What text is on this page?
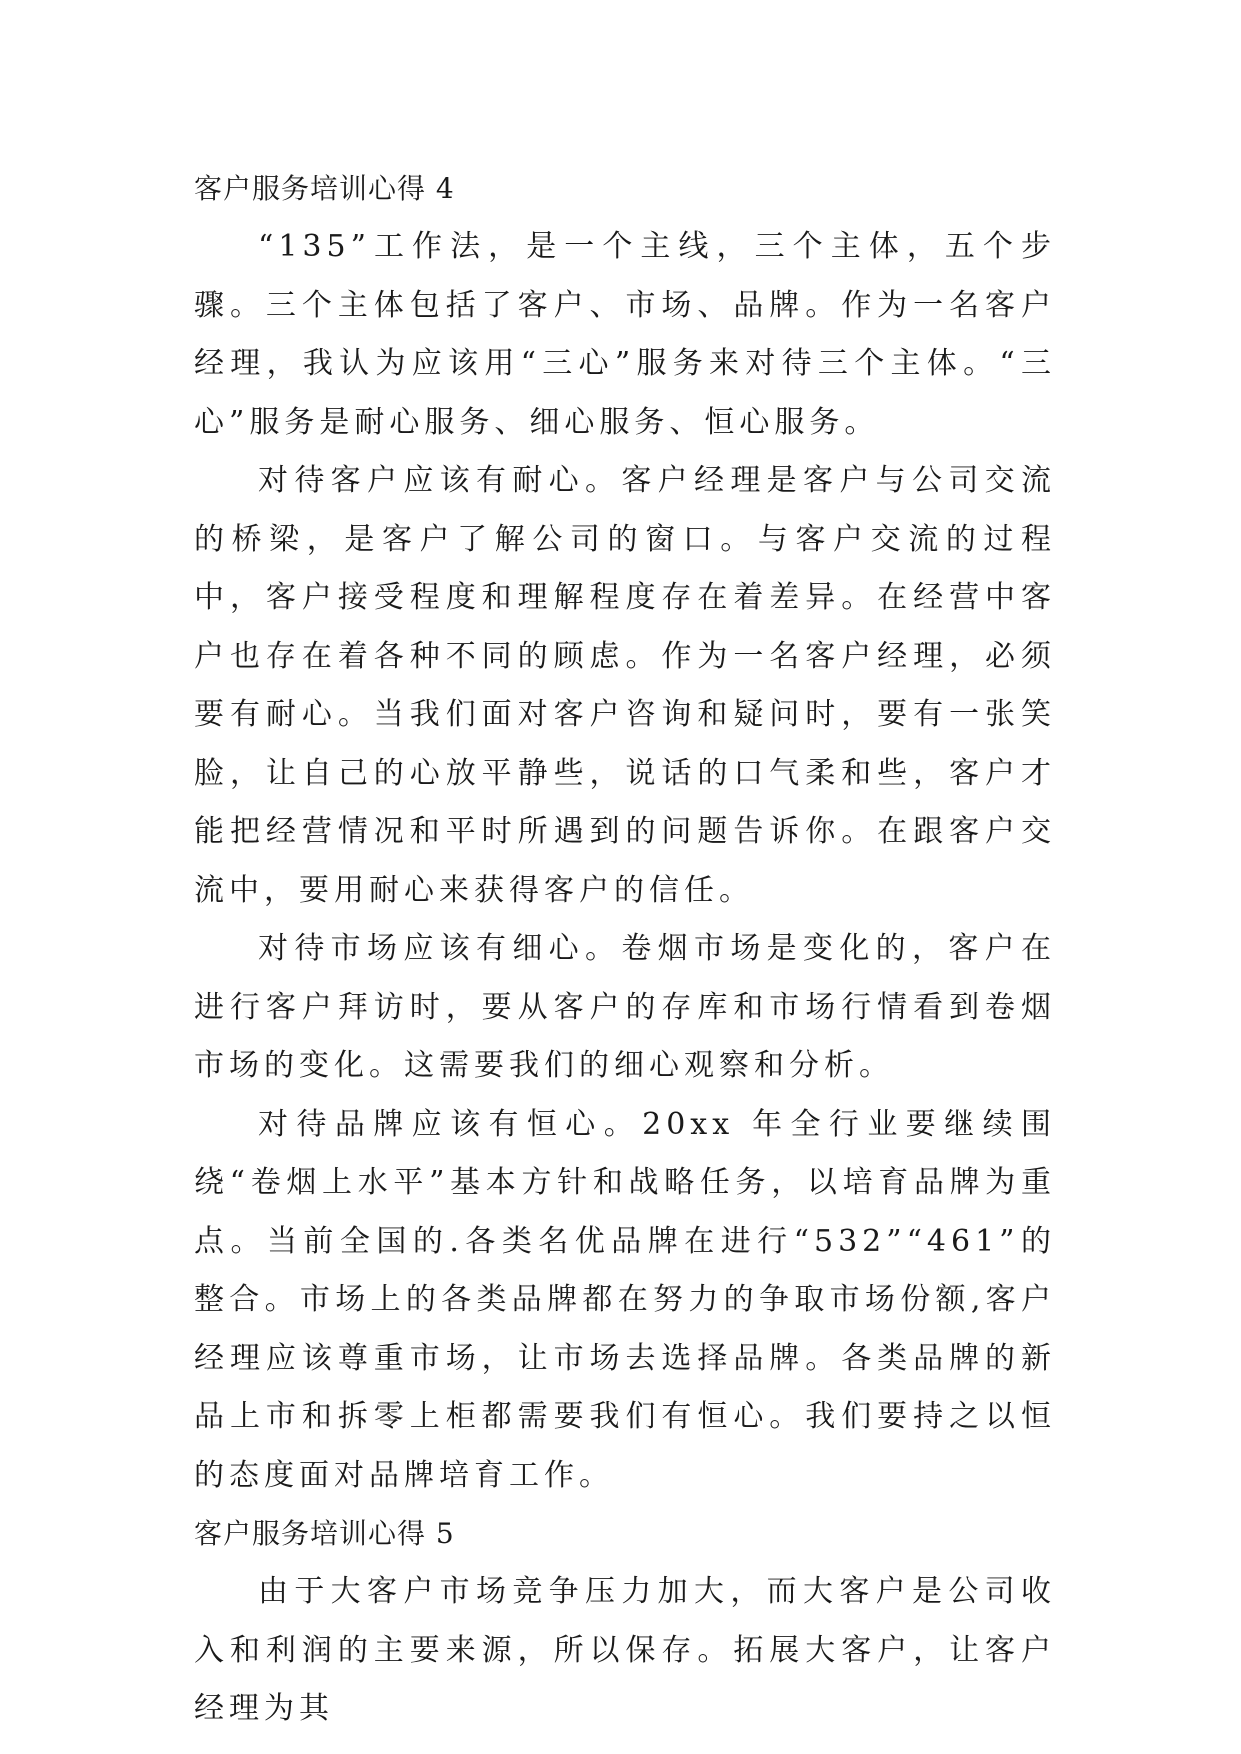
客户服务培训心得 4

“135”工作法，是一个主线，三个主体，五个步骤。三个主体包括了客户、市场、品牌。作为一名客户经理，我认为应该用“三心”服务来对待三个主体。“三心”服务是耐心服务、细心服务、恒心服务。

对待客户应该有耐心。客户经理是客户与公司交流的桥梁，是客户了解公司的窗口。与客户交流的过程中，客户接受程度和理解程度存在着差异。在经营中客户也存在着各种不同的顾虑。作为一名客户经理，必须要有耐心。当我们面对客户咨询和疑问时，要有一张笑脸，让自己的心放平静些，说话的口气柔和些，客户才能把经营情况和平时所遇到的问题告诉你。在跟客户交流中，要用耐心来获得客户的信任。

对待市场应该有细心。卷烟市场是变化的，客户在进行客户拜访时，要从客户的存库和市场行情看到卷烟市场的变化。这需要我们的细心观察和分析。

对待品牌应该有恒心。20xx 年全行业要继续围绕“卷烟上水平”基本方针和战略任务，以培育品牌为重点。当前全国的.各类名优品牌在进行“532”“461”的整合。市场上的各类品牌都在努力的争取市场份额,客户经理应该尊重市场，让市场去选择品牌。各类品牌的新品上市和拆零上柜都需要我们有恒心。我们要持之以恒的态度面对品牌培育工作。

客户服务培训心得 5

由于大客户市场竞争压力加大，而大客户是公司收入和利润的主要来源，所以保存。拓展大客户，让客户经理为其
